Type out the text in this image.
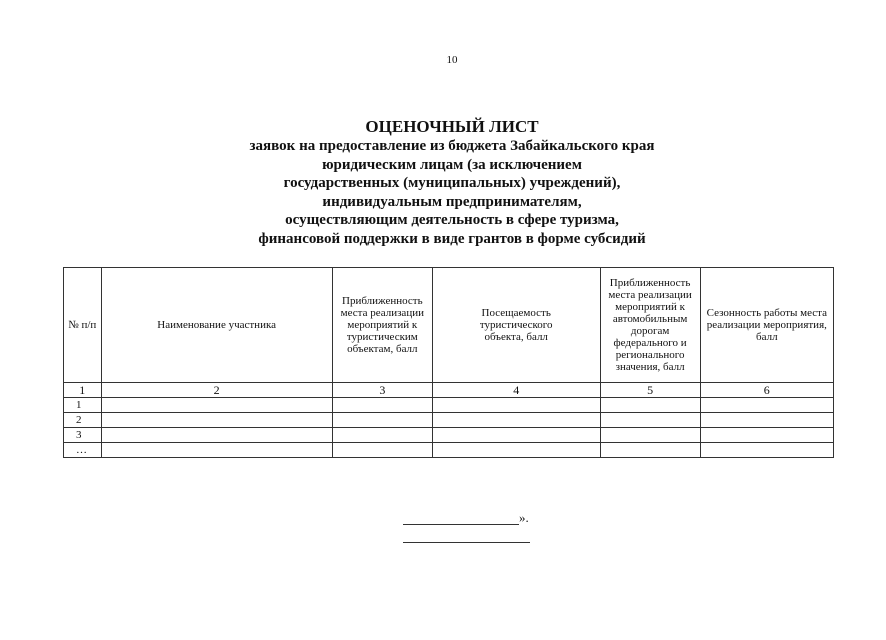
10
ОЦЕНОЧНЫЙ ЛИСТ
заявок на предоставление из бюджета Забайкальского края
юридическим лицам (за исключением
государственных (муниципальных) учреждений),
индивидуальным предпринимателям,
осуществляющим деятельность в сфере туризма,
финансовой поддержки в виде грантов в форме субсидий
№ п/п	Наименование участника	Приближенность места реализации мероприятий к туристическим объектам, балл	Посещаемость туристического объекта, балл	Приближенность места реализации мероприятий к автомобильным дорогам федерального и регионального значения, балл	Сезонность работы места реализации мероприятия, балл
1	2	3	4	5	6
1					
2					
3					
…					
».
